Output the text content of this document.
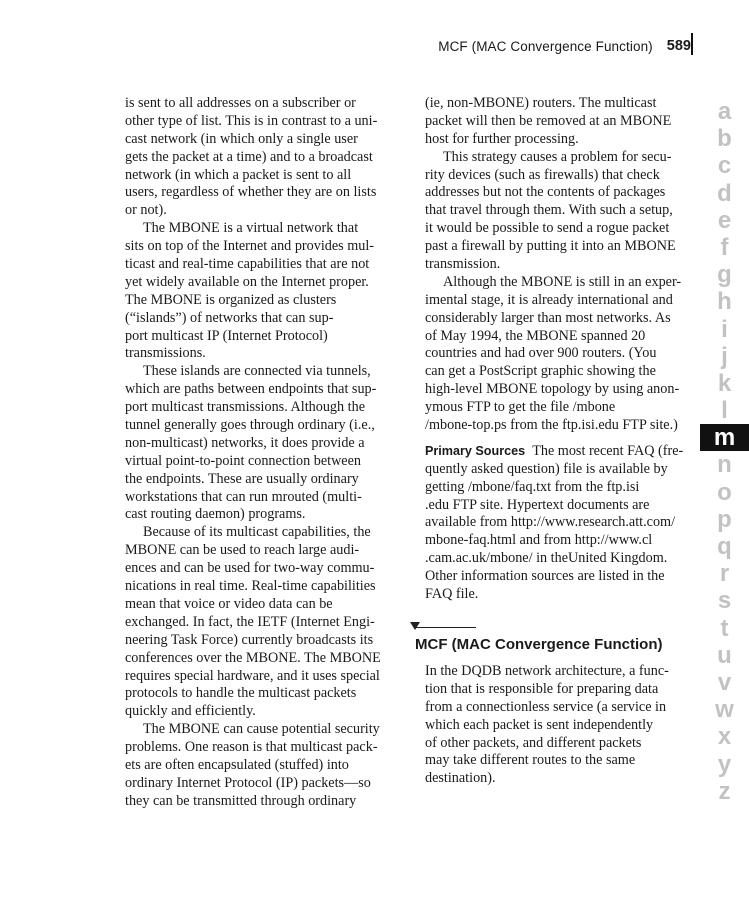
MCF (MAC Convergence Function) 589
is sent to all addresses on a subscriber or
other type of list. This is in contrast to a uni-
cast network (in which only a single user
gets the packet at a time) and to a broadcast
network (in which a packet is sent to all
users, regardless of whether they are on lists
or not).
The MBONE is a virtual network that
sits on top of the Internet and provides mul-
ticast and real-time capabilities that are not
yet widely available on the Internet proper.
The MBONE is organized as clusters
(“islands”) of networks that can sup-
port multicast IP (Internet Protocol)
transmissions.
These islands are connected via tunnels,
which are paths between endpoints that sup-
port multicast transmissions. Although the
tunnel generally goes through ordinary (i.e.,
non-multicast) networks, it does provide a
virtual point-to-point connection between
the endpoints. These are usually ordinary
workstations that can run mrouted (multi-
cast routing daemon) programs.
Because of its multicast capabilities, the
MBONE can be used to reach large audi-
ences and can be used for two-way commu-
nications in real time. Real-time capabilities
mean that voice or video data can be
exchanged. In fact, the IETF (Internet Engi-
neering Task Force) currently broadcasts its
conferences over the MBONE. The MBONE
requires special hardware, and it uses special
protocols to handle the multicast packets
quickly and efficiently.
The MBONE can cause potential security
problems. One reason is that multicast pack-
ets are often encapsulated (stuffed) into
ordinary Internet Protocol (IP) packets—so
they can be transmitted through ordinary
(ie, non-MBONE) routers. The multicast
packet will then be removed at an MBONE
host for further processing.
This strategy causes a problem for secu-
rity devices (such as firewalls) that check
addresses but not the contents of packages
that travel through them. With such a setup,
it would be possible to send a rogue packet
past a firewall by putting it into an MBONE
transmission.
Although the MBONE is still in an exper-
imental stage, it is already international and
considerably larger than most networks. As
of May 1994, the MBONE spanned 20
countries and had over 900 routers. (You
can get a PostScript graphic showing the
high-level MBONE topology by using anon-
ymous FTP to get the file /mbone
/mbone-top.ps from the ftp.isi.edu FTP site.)
Primary Sources  The most recent FAQ (fre-
quently asked question) file is available by
getting /mbone/faq.txt from the ftp.isi
.edu FTP site. Hypertext documents are
available from http://www.research.att.com/
mbone-faq.html and from http://www.cl
.cam.ac.uk/mbone/ in theUnited Kingdom.
Other information sources are listed in the
FAQ file.
MCF (MAC Convergence Function)
In the DQDB network architecture, a func-
tion that is responsible for preparing data
from a connectionless service (a service in
which each packet is sent independently
of other packets, and different packets
may take different routes to the same
destination).
a
b
c
d
e
f
g
h
i
j
k
l
m
n
o
p
q
r
s
t
u
v
w
x
y
z
